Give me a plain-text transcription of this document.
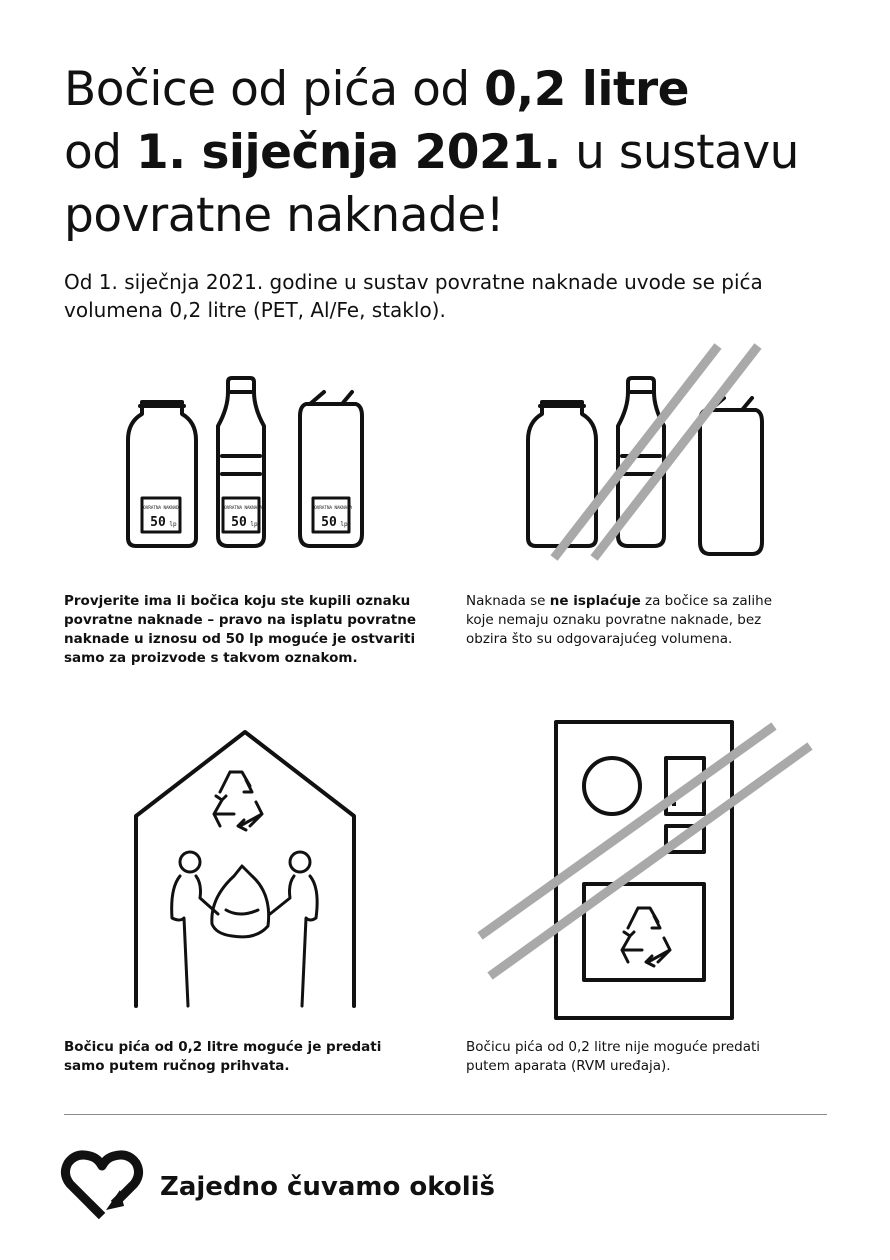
Bočice od pića od 0,2 litre
od 1. siječnja 2021. u sustavu
povratne naknade!

Od 1. siječnja 2021. godine u sustav povratne naknade uvode se pića volumena 0,2 litre (PET, Al/Fe, staklo).

POVRATNA NAKNADA
50 lp
POVRATNA NAKNADA
50 lp
POVRATNA NAKNADA
50 lp

Provjerite ima li bočica koju ste kupili oznaku povratne naknade – pravo na isplatu povratne naknade u iznosu od 50 lp moguće je ostvariti samo za proizvode s takvom oznakom.

Naknada se ne isplaćuje za bočice sa zalihe koje nemaju oznaku povratne naknade, bez obzira što su odgovarajućeg volumena.

Bočicu pića od 0,2 litre moguće je predati samo putem ručnog prihvata.

Bočicu pića od 0,2 litre nije moguće predati putem aparata (RVM uređaja).

Zajedno čuvamo okoliš
